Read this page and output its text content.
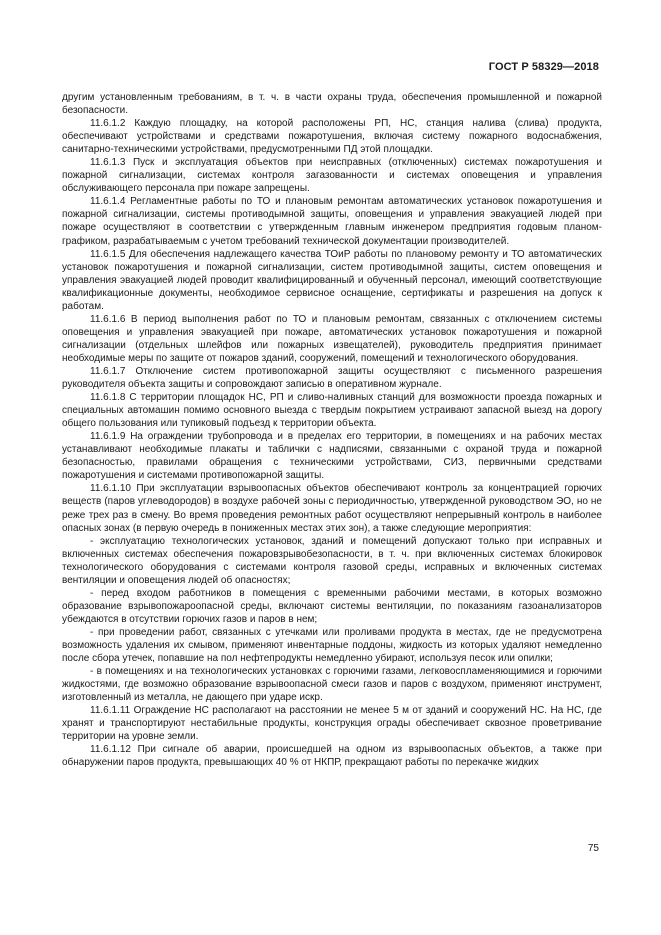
ГОСТ Р 58329—2018

другим установленным требованиям, в т. ч. в части охраны труда, обеспечения промышленной и пожарной безопасности.

11.6.1.2 Каждую площадку, на которой расположены РП, НС, станция налива (слива) продукта, обеспечивают устройствами и средствами пожаротушения, включая систему пожарного водоснабжения, санитарно-техническими устройствами, предусмотренными ПД этой площадки.

11.6.1.3 Пуск и эксплуатация объектов при неисправных (отключенных) системах пожаротушения и пожарной сигнализации, системах контроля загазованности и системах оповещения и управления обслуживающего персонала при пожаре запрещены.

11.6.1.4 Регламентные работы по ТО и плановым ремонтам автоматических установок пожаротушения и пожарной сигнализации, системы противодымной защиты, оповещения и управления эвакуацией людей при пожаре осуществляют в соответствии с утвержденным главным инженером предприятия годовым планом-графиком, разрабатываемым с учетом требований технической документации производителей.

11.6.1.5 Для обеспечения надлежащего качества ТОиР работы по плановому ремонту и ТО автоматических установок пожаротушения и пожарной сигнализации, систем противодымной защиты, систем оповещения и управления эвакуацией людей проводит квалифицированный и обученный персонал, имеющий соответствующие квалификационные документы, необходимое сервисное оснащение, сертификаты и разрешения на допуск к работам.

11.6.1.6 В период выполнения работ по ТО и плановым ремонтам, связанных с отключением системы оповещения и управления эвакуацией при пожаре, автоматических установок пожаротушения и пожарной сигнализации (отдельных шлейфов или пожарных извещателей), руководитель предприятия принимает необходимые меры по защите от пожаров зданий, сооружений, помещений и технологического оборудования.

11.6.1.7 Отключение систем противопожарной защиты осуществляют с письменного разрешения руководителя объекта защиты и сопровождают записью в оперативном журнале.

11.6.1.8 С территории площадок НС, РП и сливо-наливных станций для возможности проезда пожарных и специальных автомашин помимо основного выезда с твердым покрытием устраивают запасной выезд на дорогу общего пользования или тупиковый подъезд к территории объекта.

11.6.1.9 На ограждении трубопровода и в пределах его территории, в помещениях и на рабочих местах устанавливают необходимые плакаты и таблички с надписями, связанными с охраной труда и пожарной безопасностью, правилами обращения с техническими устройствами, СИЗ, первичными средствами пожаротушения и системами противопожарной защиты.

11.6.1.10 При эксплуатации взрывоопасных объектов обеспечивают контроль за концентрацией горючих веществ (паров углеводородов) в воздухе рабочей зоны с периодичностью, утвержденной руководством ЭО, но не реже трех раз в смену. Во время проведения ремонтных работ осуществляют непрерывный контроль в наиболее опасных зонах (в первую очередь в пониженных местах этих зон), а также следующие мероприятия:

- эксплуатацию технологических установок, зданий и помещений допускают только при исправных и включенных системах обеспечения пожаровзрывобезопасности, в т. ч. при включенных системах блокировок технологического оборудования с системами контроля газовой среды, исправных и включенных системах вентиляции и оповещения людей об опасностях;

- перед входом работников в помещения с временными рабочими местами, в которых возможно образование взрывопожароопасной среды, включают системы вентиляции, по показаниям газоанализаторов убеждаются в отсутствии горючих газов и паров в нем;

- при проведении работ, связанных с утечками или проливами продукта в местах, где не предусмотрена возможность удаления их смывом, применяют инвентарные поддоны, жидкость из которых удаляют немедленно после сбора утечек, попавшие на пол нефтепродукты немедленно убирают, используя песок или опилки;

- в помещениях и на технологических установках с горючими газами, легковоспламеняющимися и горючими жидкостями, где возможно образование взрывоопасной смеси газов и паров с воздухом, применяют инструмент, изготовленный из металла, не дающего при ударе искр.

11.6.1.11 Ограждение НС располагают на расстоянии не менее 5 м от зданий и сооружений НС. На НС, где хранят и транспортируют нестабильные продукты, конструкция ограды обеспечивает сквозное проветривание территории на уровне земли.

11.6.1.12 При сигнале об аварии, происшедшей на одном из взрывоопасных объектов, а также при обнаружении паров продукта, превышающих 40 % от НКПР, прекращают работы по перекачке жидких

75
